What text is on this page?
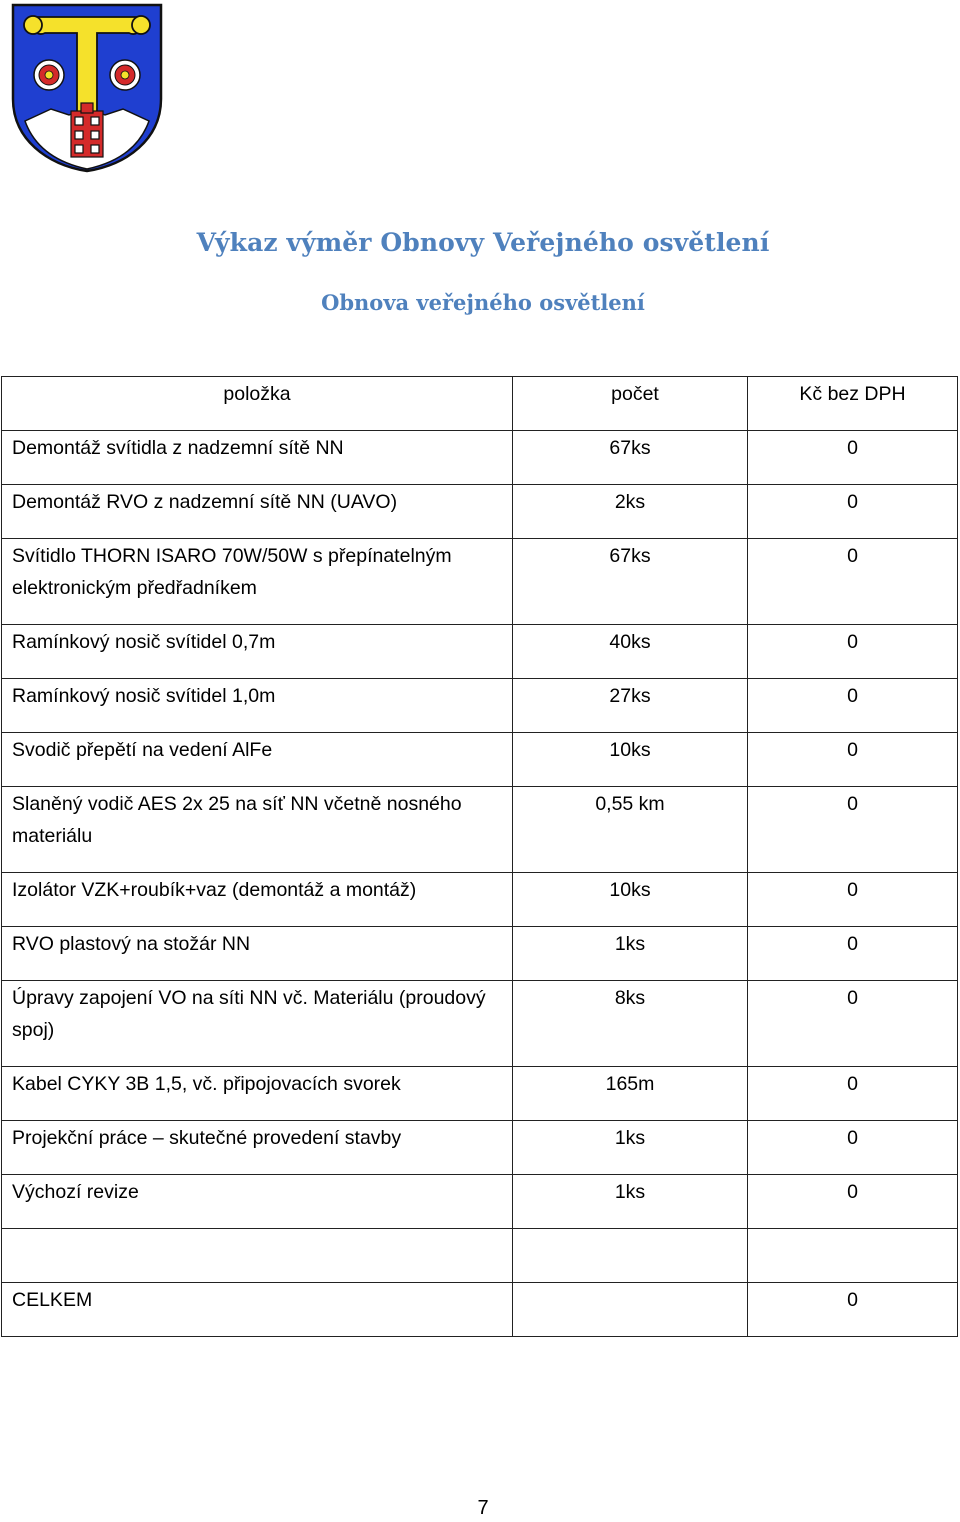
Výkaz výměr Obnovy Veřejného osvětlení
Obnova veřejného osvětlení
položka	počet	Kč bez DPH

Demontáž svítidla z nadzemní sítě NN	67ks	0

Demontáž RVO z nadzemní sítě NN (UAVO)	2ks	0

Svítidlo THORN ISARO 70W/50W s přepínatelným elektronickým předřadníkem	67ks	0

Ramínkový nosič svítidel 0,7m	40ks	0

Ramínkový nosič svítidel 1,0m	27ks	0

Svodič přepětí na vedení AlFe	10ks	0

Slaněný vodič AES 2x 25 na síť NN včetně nosného materiálu	0,55 km	0

Izolátor VZK+roubík+vaz (demontáž a montáž)	10ks	0

RVO plastový na stožár NN	1ks	0

Úpravy zapojení VO na síti NN vč. Materiálu (proudový spoj)	8ks	0

Kabel CYKY 3B 1,5, vč. připojovacích svorek	165m	0

Projekční práce – skutečné provedení stavby	1ks	0

Výchozí revize	1ks	0

CELKEM		0
7
